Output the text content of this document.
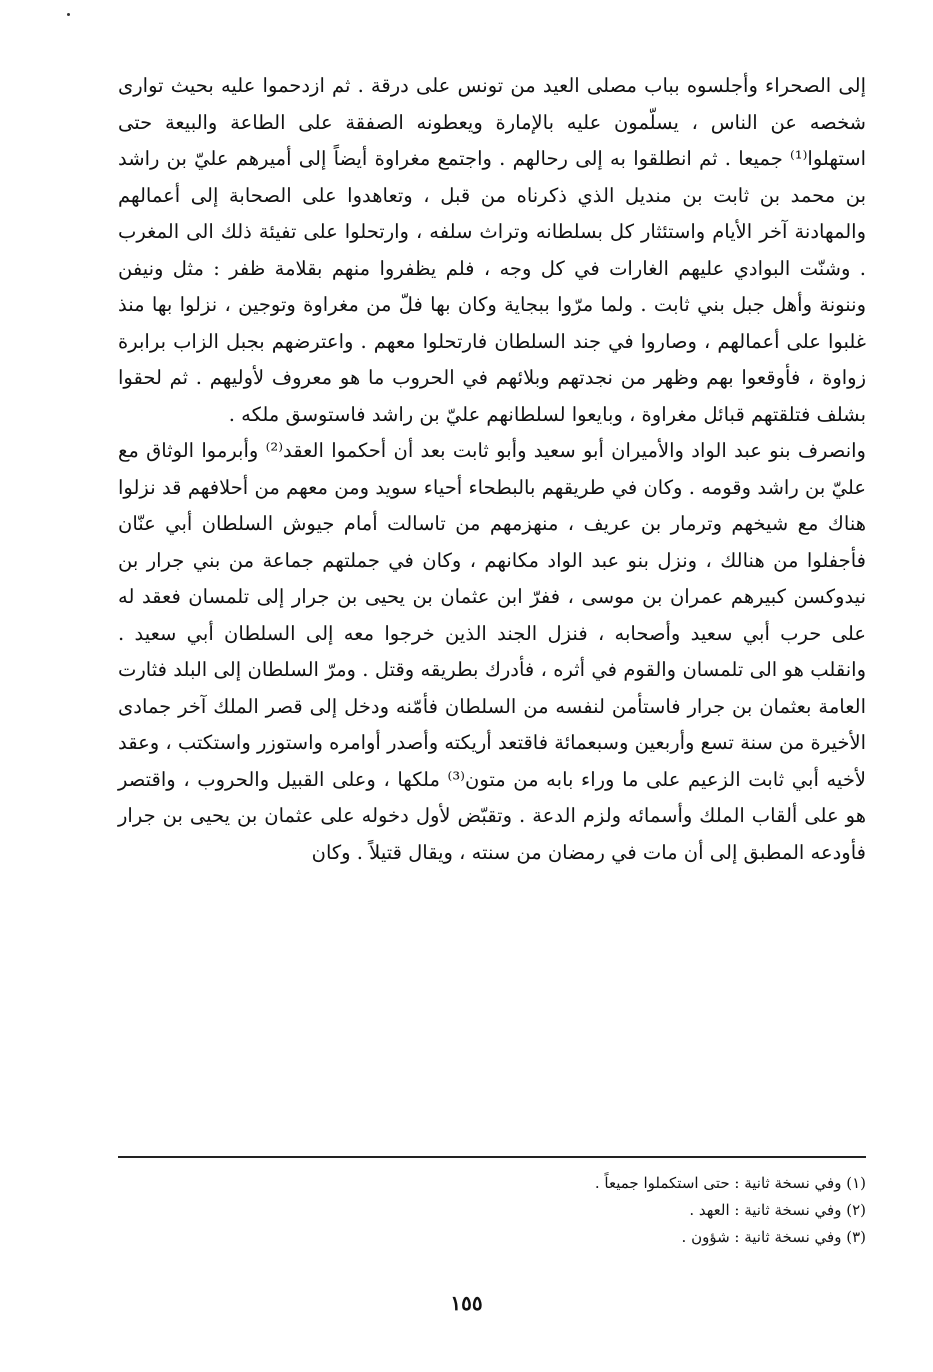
إلى الصحراء وأجلسوه بباب مصلى العيد من تونس على درقة . ثم ازدحموا عليه بحيث توارى شخصه عن الناس ، يسلّمون عليه بالإمارة ويعطونه الصفقة على الطاعة والبيعة حتى استهلوا⁽¹⁾ جميعا . ثم انطلقوا به إلى رحالهم . واجتمع مغراوة أيضاً إلى أميرهم عليّ بن راشد بن محمد بن ثابت بن منديل الذي ذكرناه من قبل ، وتعاهدوا على الصحابة إلى أعمالهم والمهادنة آخر الأيام واستئثار كل بسلطانه وتراث سلفه ، وارتحلوا على تفيئة ذلك الى المغرب . وشنّت البوادي عليهم الغارات في كل وجه ، فلم يظفروا منهم بقلامة ظفر : مثل ونيفن وننونة وأهل جبل بني ثابت . ولما مرّوا ببجاية وكان بها فلّ من مغراوة وتوجين ، نزلوا بها منذ غلبوا على أعمالهم ، وصاروا في جند السلطان فارتحلوا معهم . واعترضهم بجبل الزاب برابرة زواوة ، فأوقعوا بهم وظهر من نجدتهم وبلائهم في الحروب ما هو معروف لأوليهم . ثم لحقوا بشلف فتلقتهم قبائل مغراوة ، وبايعوا لسلطانهم عليّ بن راشد فاستوسق ملكه .

وانصرف بنو عبد الواد والأميران أبو سعيد وأبو ثابت بعد أن أحكموا العقد⁽²⁾ وأبرموا الوثاق مع عليّ بن راشد وقومه . وكان في طريقهم بالبطحاء أحياء سويد ومن معهم من أحلافهم قد نزلوا هناك مع شيخهم وترمار بن عريف ، منهزمهم من تاسالت أمام جيوش السلطان أبي عنّان فأجفلوا من هنالك ، ونزل بنو عبد الواد مكانهم ، وكان في جملتهم جماعة من بني جرار بن نيدوكسن كبيرهم عمران بن موسى ، ففرّ ابن عثمان بن يحيى بن جرار إلى تلمسان فعقد له على حرب أبي سعيد وأصحابه ، فنزل الجند الذين خرجوا معه إلى السلطان أبي سعيد . وانقلب هو الى تلمسان والقوم في أثره ، فأدرك بطريقه وقتل . ومرّ السلطان إلى البلد فثارت العامة بعثمان بن جرار فاستأمن لنفسه من السلطان فأمّنه ودخل إلى قصر الملك آخر جمادى الأخيرة من سنة تسع وأربعين وسبعمائة فاقتعد أريكته وأصدر أوامره واستوزر واستكتب ، وعقد لأخيه أبي ثابت الزعيم على ما وراء بابه من متون⁽³⁾ ملكها ، وعلى القبيل والحروب ، واقتصر هو على ألقاب الملك وأسمائه ولزم الدعة . وتقبّض لأول دخوله على عثمان بن يحيى بن جرار فأودعه المطبق إلى أن مات في رمضان من سنته ، ويقال قتيلاً . وكان

(١) وفي نسخة ثانية : حتى استكملوا جميعاً .
(٢) وفي نسخة ثانية : العهد .
(٣) وفي نسخة ثانية : شؤون .
١٥٥
